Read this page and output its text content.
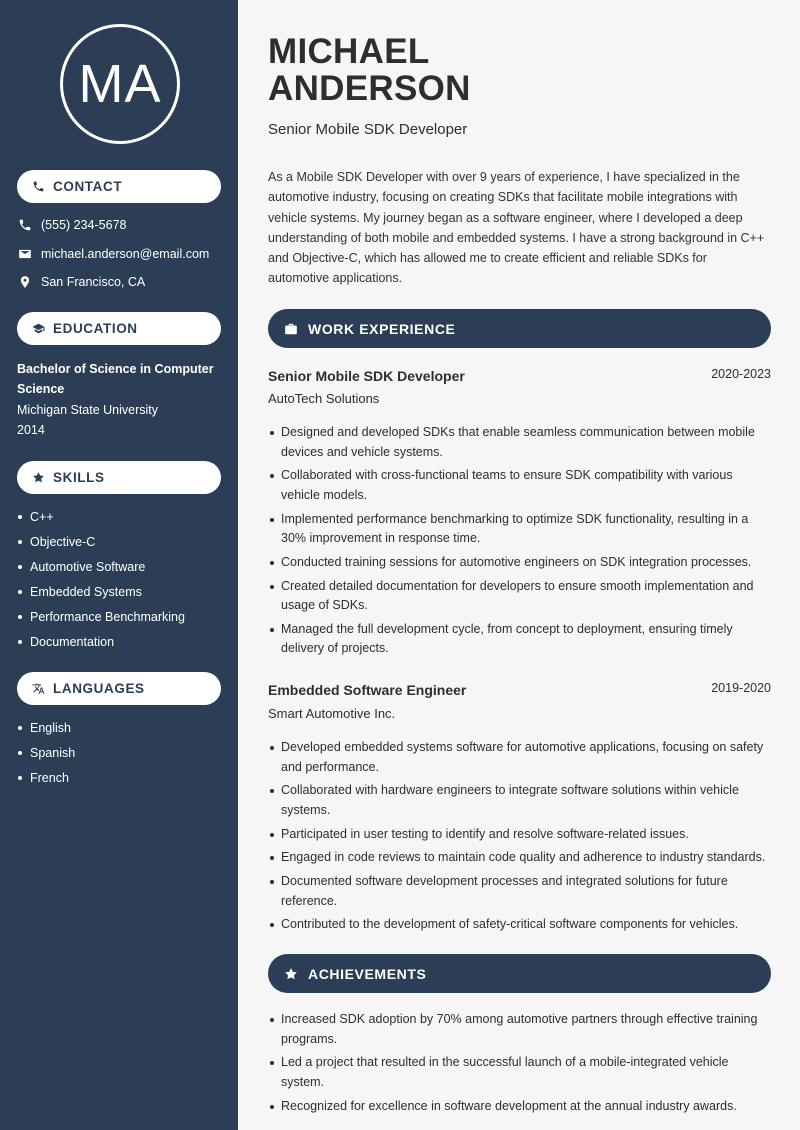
MA
CONTACT
(555) 234-5678
michael.anderson@email.com
San Francisco, CA
EDUCATION
Bachelor of Science in Computer Science
Michigan State University
2014
SKILLS
C++
Objective-C
Automotive Software
Embedded Systems
Performance Benchmarking
Documentation
LANGUAGES
English
Spanish
French
MICHAEL
ANDERSON
Senior Mobile SDK Developer

As a Mobile SDK Developer with over 9 years of experience, I have specialized in the automotive industry, focusing on creating SDKs that facilitate mobile integrations with vehicle systems. My journey began as a software engineer, where I developed a deep understanding of both mobile and embedded systems. I have a strong background in C++ and Objective-C, which has allowed me to create efficient and reliable SDKs for automotive applications.

WORK EXPERIENCE
Senior Mobile SDK Developer	2020-2023
AutoTech Solutions
Designed and developed SDKs that enable seamless communication between mobile devices and vehicle systems.
Collaborated with cross-functional teams to ensure SDK compatibility with various vehicle models.
Implemented performance benchmarking to optimize SDK functionality, resulting in a 30% improvement in response time.
Conducted training sessions for automotive engineers on SDK integration processes.
Created detailed documentation for developers to ensure smooth implementation and usage of SDKs.
Managed the full development cycle, from concept to deployment, ensuring timely delivery of projects.
Embedded Software Engineer	2019-2020
Smart Automotive Inc.
Developed embedded systems software for automotive applications, focusing on safety and performance.
Collaborated with hardware engineers to integrate software solutions within vehicle systems.
Participated in user testing to identify and resolve software-related issues.
Engaged in code reviews to maintain code quality and adherence to industry standards.
Documented software development processes and integrated solutions for future reference.
Contributed to the development of safety-critical software components for vehicles.
ACHIEVEMENTS
Increased SDK adoption by 70% among automotive partners through effective training programs.
Led a project that resulted in the successful launch of a mobile-integrated vehicle system.
Recognized for excellence in software development at the annual industry awards.
